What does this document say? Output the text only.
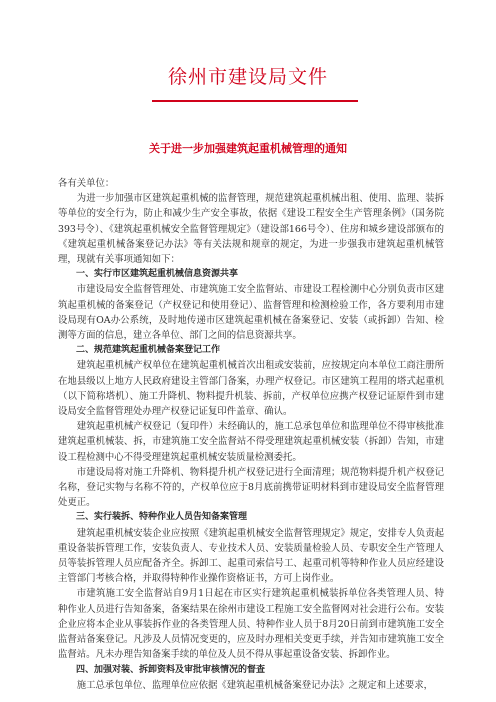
徐州市建设局文件
关于进一步加强建筑起重机械管理的通知

各有关单位：

为进一步加强市区建筑起重机械的监督管理，规范建筑起重机械出租、使用、监理、装拆等单位的安全行为，防止和减少生产安全事故，依据《建设工程安全生产管理条例》（国务院393号令）、《建筑起重机械安全监督管理规定》（建设部166号令）、住房和城乡建设部颁布的《建筑起重机械备案登记办法》等有关法规和规章的规定，为进一步强我市建筑起重机械管理，现就有关事项通知如下：

一、实行市区建筑起重机械信息资源共享

市建设局安全监督管理处、市建筑施工安全监督站、市建设工程检测中心分别负责市区建筑起重机械的备案登记（产权登记和使用登记）、监督管理和检测检验工作，各方要利用市建设局现有OA办公系统，及时地传递市区建筑起重机械在备案登记、安装（或拆卸）告知、检测等方面的信息，建立各单位、部门之间的信息资源共享。

二、规范建筑起重机械备案登记工作

建筑起重机械产权单位在建筑起重机械首次出租或安装前，应按规定向本单位工商注册所在地县级以上地方人民政府建设主管部门备案，办理产权登记。市区建筑工程用的塔式起重机（以下简称塔机）、施工升降机、物料提升机装、拆前，产权单位应携产权登记证原件到市建设局安全监督管理处办理产权登记证复印件盖章、确认。

建筑起重机械产权登记（复印件）未经确认的，施工总承包单位和监理单位不得审核批准建筑起重机械装、拆，市建筑施工安全监督站不得受理建筑起重机械安装（拆卸）告知，市建设工程检测中心不得受理建筑起重机械安装质量检测委托。

市建设局将对施工升降机、物料提升机产权登记进行全面清理；规范物料提升机产权登记名称，登记实物与名称不符的，产权单位应于8月底前携带证明材料到市建设局安全监督管理处更正。

三、实行装拆、特种作业人员告知备案管理

建筑起重机械安装企业应按照《建筑起重机械安全监督管理规定》规定，安排专人负责起重设备装拆管理工作，安装负责人、专业技术人员、安装质量检验人员、专职安全生产管理人员等装拆管理人员应配备齐全。拆卸工、起重司索信号工、起重司机等特种作业人员应经建设主管部门考核合格，并取得特种作业操作资格证书，方可上岗作业。

市建筑施工安全监督站自9月1日起在市区实行建筑起重机械装拆单位各类管理人员、特种作业人员进行告知备案，备案结果在徐州市建设工程施工安全监督网对社会进行公布。安装企业应将本企业从事装拆作业的各类管理人员、特种作业人员于8月20日前到市建筑施工安全监督站备案登记。凡涉及人员情况变更的，应及时办理相关变更手续，并告知市建筑施工安全监督站。凡未办理告知备案手续的单位及人员不得从事起重设备安装、拆卸作业。

四、加强对装、拆卸资料及审批审核情况的督查

施工总承包单位、监理单位应依据《建筑起重机械备案登记办法》之规定和上述要求，
